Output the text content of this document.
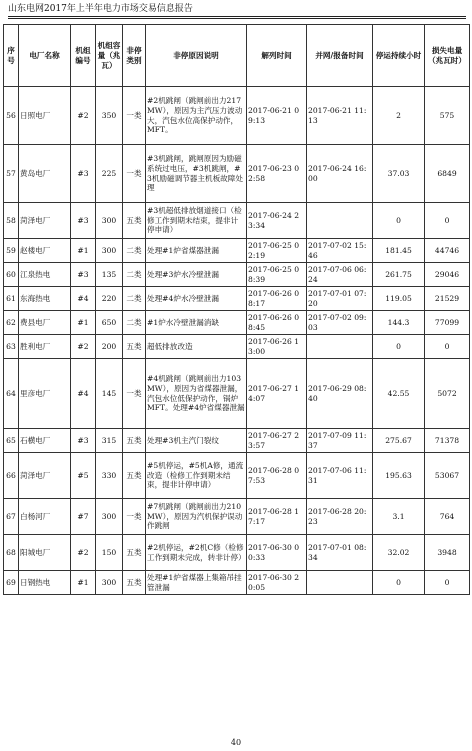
山东电网2017年上半年电力市场交易信息报告
序号	电厂名称	机组编号	机组容量（兆瓦）	非停类别	非停原因说明	解列时间	并网/报备时间	停运持续小时	损失电量（兆瓦时）
56	日照电厂	#2	350	一类	#2机跳闸（跳闸前出力217MW），原因为主汽压力波动大，汽包水位高保护动作，MFT。	2017-06-21 09:13	2017-06-21 11:13	2	575
57	黄岛电厂	#3	225	一类	#3机跳闸，跳闸原因为励磁系统过电压，#3机跳闸，#3机励磁调节器主机板故障处理	2017-06-23 02:58	2017-06-24 16:00	37.03	6849
58	菏泽电厂	#3	300	五类	#3机超低排放烟道接口（检修工作到期未结束，提非计停申请）	2017-06-24 23:34		0	0
59	赵楼电厂	#1	300	二类	处理#1炉省煤器泄漏	2017-06-25 02:19	2017-07-02 15:46	181.45	44746
60	江泉热电	#3	135	二类	处理#3炉水冷壁泄漏	2017-06-25 08:39	2017-07-06 06:24	261.75	29046
61	东海热电	#4	220	二类	处理#4炉水冷壁泄漏	2017-06-26 08:17	2017-07-01 07:20	119.05	21529
62	费县电厂	#1	650	二类	#1炉水冷壁泄漏消缺	2017-06-26 08:45	2017-07-02 09:03	144.3	77099
63	胜利电厂	#2	200	五类	超低排放改造	2017-06-26 13:00		0	0
64	里彦电厂	#4	145	一类	#4机跳闸（跳闸前出力103MW），原因为省煤器泄漏，汽包水位低保护动作，锅炉MFT。处理#4炉省煤器泄漏	2017-06-27 14:07	2017-06-29 08:40	42.55	5072
65	石横电厂	#3	315	五类	处理#3机主汽门裂纹	2017-06-27 23:57	2017-07-09 11:37	275.67	71378
66	菏泽电厂	#5	330	五类	#5机停运，#5机A修，通流改造（检修工作到期未结束，提非计停申请）	2017-06-28 07:53	2017-07-06 11:31	195.63	53067
67	白杨河厂	#7	300	一类	#7机跳闸（跳闸前出力210MW），原因为汽机保护误动作跳闸	2017-06-28 17:17	2017-06-28 20:23	3.1	764
68	阳城电厂	#2	150	五类	#2机停运，#2机C修（检修工作到期未完成，转非计停）	2017-06-30 00:33	2017-07-01 08:34	32.02	3948
69	日钢热电	#1	300	五类	处理#1炉省煤器上集箱吊挂管泄漏	2017-06-30 20:05		0	0
40
